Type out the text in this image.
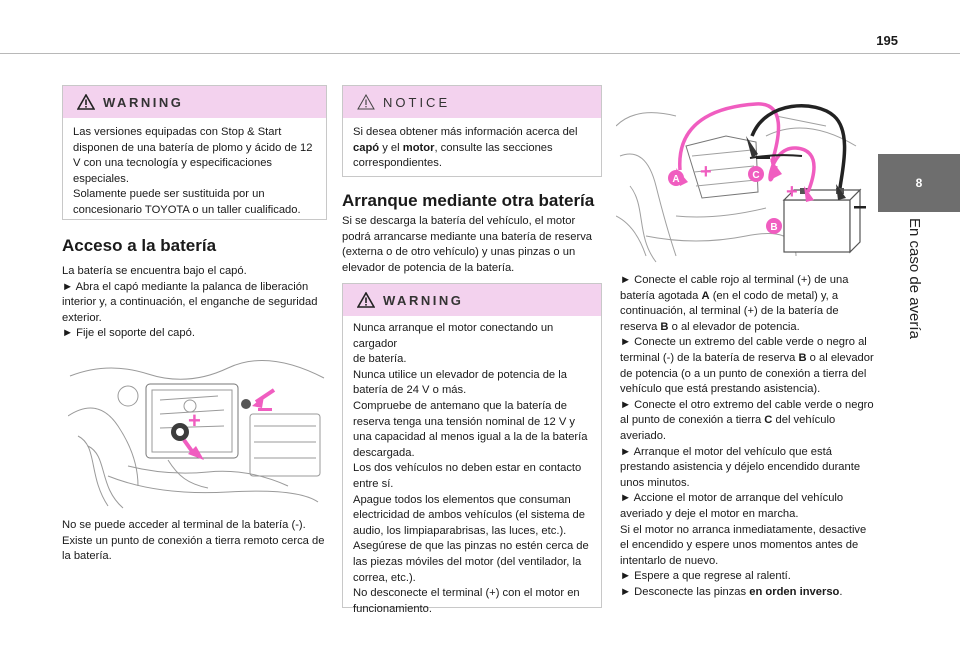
195
8
En caso de avería
WARNING

Las versiones equipadas con Stop & Start

disponen de una batería de plomo y ácido de 12

V con una tecnología y especificaciones

especiales.

Solamente puede ser sustituida por un

concesionario TOYOTA o un taller cualificado.

Acceso a la batería

La batería se encuentra bajo el capó.

► Abra el capó mediante la palanca de liberación

interior y, a continuación, el enganche de seguridad

exterior.

► Fije el soporte del capó.

+

No se puede acceder al terminal de la batería (-).

Existe un punto de conexión a tierra remoto cerca de

la batería.

NOTICE

Si desea obtener más información acerca del

capó y el motor, consulte las secciones

correspondientes.

Arranque mediante otra batería

Si se descarga la batería del vehículo, el motor

podrá arrancarse mediante una batería de reserva

(externa o de otro vehículo) y unas pinzas o un

elevador de potencia de la batería.

WARNING

Nunca arranque el motor conectando un cargador

de batería.

Nunca utilice un elevador de potencia de la

batería de 24 V o más.

Compruebe de antemano que la batería de

reserva tenga una tensión nominal de 12 V y

una capacidad al menos igual a la de la batería

descargada.

Los dos vehículos no deben estar en contacto

entre sí.

Apague todos los elementos que consuman

electricidad de ambos vehículos (el sistema de

audio, los limpiaparabrisas, las luces, etc.).

Asegúrese de que las pinzas no estén cerca de

las piezas móviles del motor (del ventilador, la

correa, etc.).

No desconecte el terminal (+) con el motor en

funcionamiento.

+
+
A	C
B

► Conecte el cable rojo al terminal (+) de una

batería agotada A (en el codo de metal) y, a

continuación, al terminal (+) de la batería de

reserva B o al elevador de potencia.

► Conecte un extremo del cable verde o negro al

terminal (-) de la batería de reserva B o al elevador

de potencia (o a un punto de conexión a tierra del

vehículo que está prestando asistencia).

► Conecte el otro extremo del cable verde o negro

al punto de conexión a tierra C del vehículo averiado.

► Arranque el motor del vehículo que está

prestando asistencia y déjelo encendido durante

unos minutos.

► Accione el motor de arranque del vehículo

averiado y deje el motor en marcha.

Si el motor no arranca inmediatamente, desactive

el encendido y espere unos momentos antes de

intentarlo de nuevo.

► Espere a que regrese al ralentí.

► Desconecte las pinzas en orden inverso.
